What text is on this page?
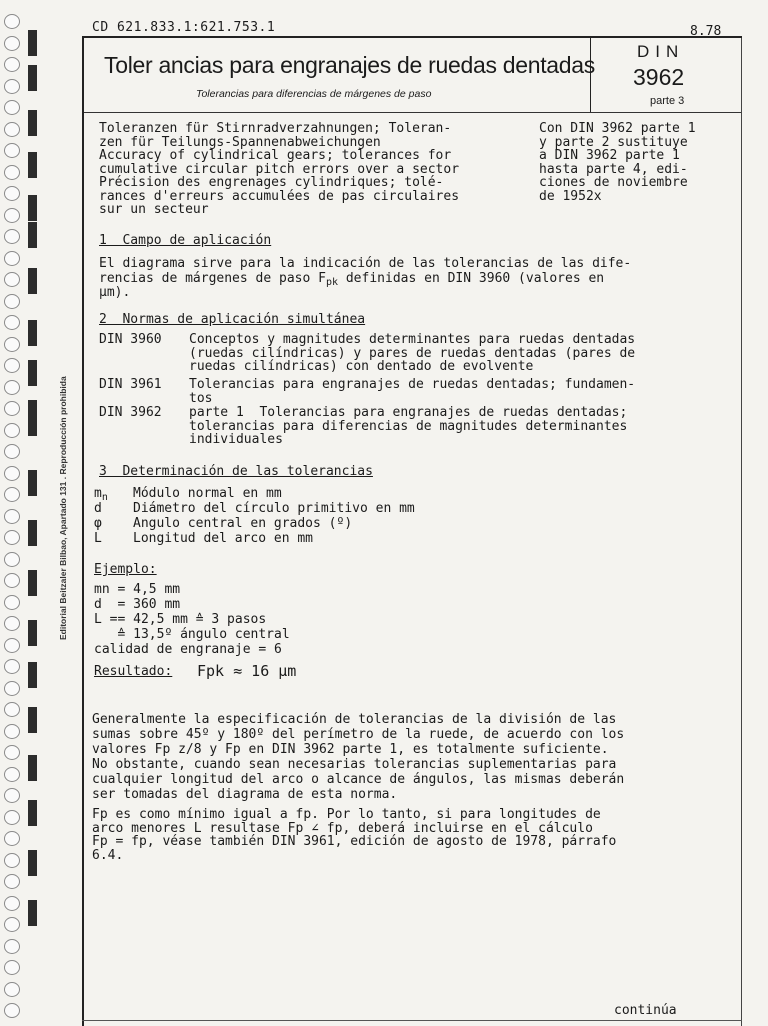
Editorial Beitzaler Bilbao, Apartado 131 . Reproducción prohibida
CD 621.833.1:621.753.1	8.78
Toler ancias para engranajes de ruedas dentadas
Tolerancias para diferencias de márgenes de paso
DIN
3962
parte 3
Toleranzen für Stirnradverzahnungen; Toleran-
zen für Teilungs-Spannenabweichungen
Accuracy of cylindrical gears; tolerances for
cumulative circular pitch errors over a sector
Précision des engrenages cylindriques; tolé-
rances d'erreurs accumulées de pas circulaires
sur un secteur
Con DIN 3962 parte 1
y parte 2 sustituye
a DIN 3962 parte 1
hasta parte 4, edi-
ciones de noviembre
de 1952x
1  Campo de aplicación
El diagrama sirve para la indicación de las tolerancias de las dife-
rencias de márgenes de paso $F_{pk}$ definidas en DIN 3960 (valores en
µm).
2  Normas de aplicación simultánea
DIN 3960 Conceptos y magnitudes determinantes para ruedas dentadas
(ruedas cilíndricas) y pares de ruedas dentadas (pares de
ruedas cilíndricas) con dentado de evolvente
DIN 3961 Tolerancias para engranajes de ruedas dentadas; fundamen-
tos
DIN 3962 parte 1  Tolerancias para engranajes de ruedas dentadas;
tolerancias para diferencias de magnitudes determinantes
individuales
3  Determinación de las tolerancias
$m_n$ Módulo normal en mm
d Diámetro del círculo primitivo en mm
φ Angulo central en grados (º)
L Longitud del arco en mm
Ejemplo:
mn = 4,5 mm
d  = 360 mm
L == 42,5 mm ≙ 3 pasos
≙ 13,5º ángulo central
calidad de engranaje = 6
Resultado: Fpk ≈ 16 µm
Generalmente la especificación de tolerancias de la división de las
sumas sobre 45º y 180º del perímetro de la ruede, de acuerdo con los
valores Fp z/8 y Fp en DIN 3962 parte 1, es totalmente suficiente.
No obstante, cuando sean necesarias tolerancias suplementarias para
cualquier longitud del arco o alcance de ángulos, las mismas deberán
ser tomadas del diagrama de esta norma.
Fp es como mínimo igual a fp. Por lo tanto, si para longitudes de
arco menores L resultase Fp ∠ fp, deberá incluirse en el cálculo
Fp = fp, véase también DIN 3961, edición de agosto de 1978, párrafo
6.4.
continúa
